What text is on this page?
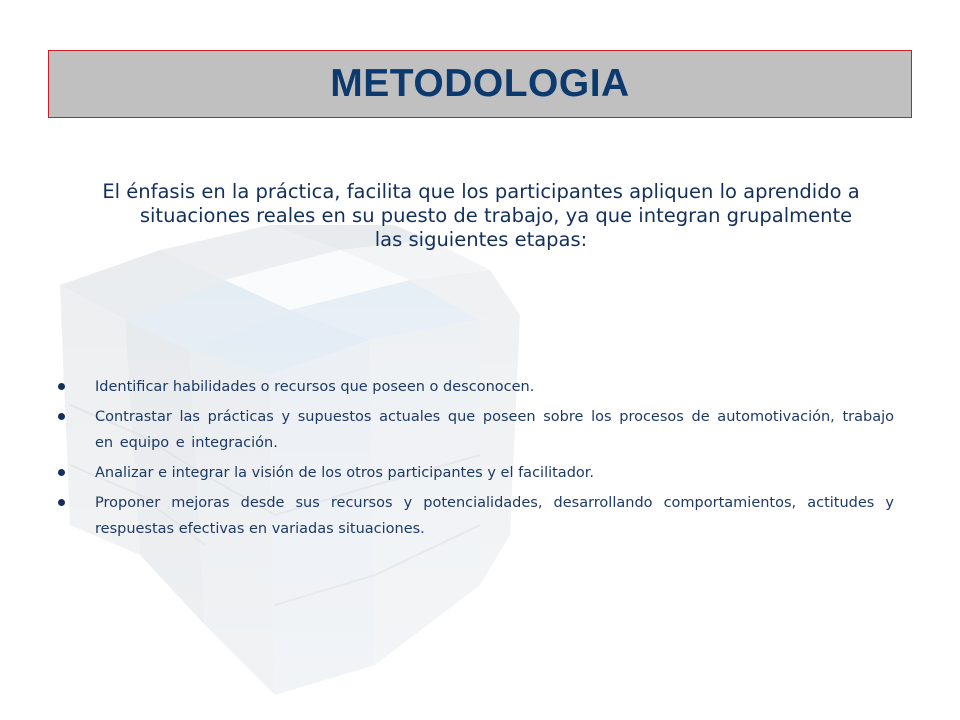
METODOLOGIA
El énfasis en la práctica, facilita que los participantes apliquen lo aprendido a
situaciones reales en su puesto de trabajo, ya que integran grupalmente
las siguientes etapas:
Identificar habilidades o recursos que poseen o desconocen.
Contrastar las prácticas y supuestos actuales que poseen sobre los procesos de automotivación, trabajo en equipo e integración.
Analizar e integrar la visión de los otros participantes y el facilitador.
Proponer mejoras desde sus recursos y potencialidades, desarrollando comportamientos, actitudes y respuestas efectivas en variadas situaciones.
